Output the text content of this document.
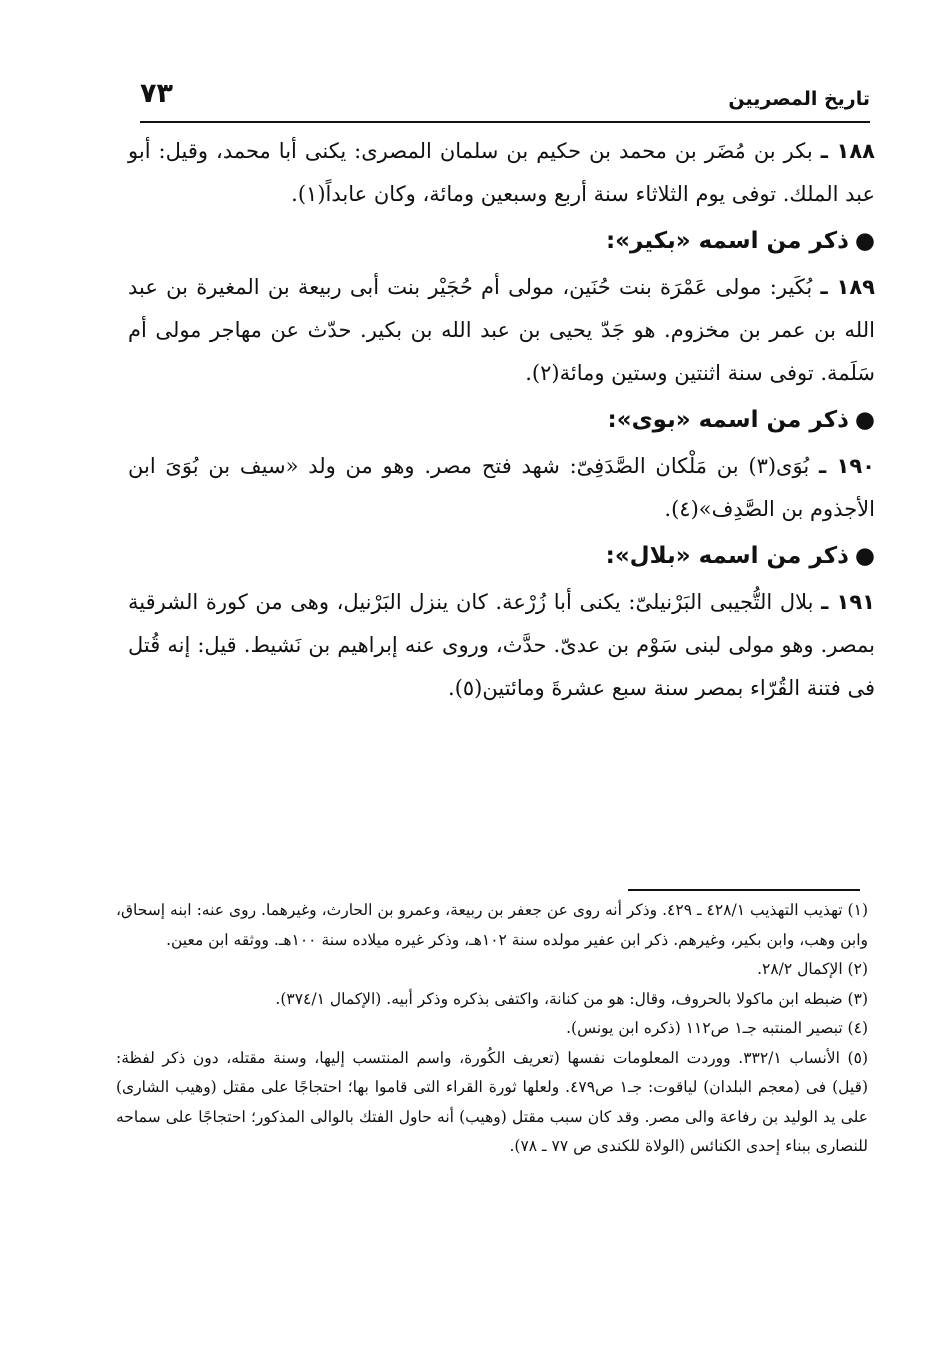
تاريخ المصريين
٧٣

١٨٨ ـ بكر بن مُضَر بن محمد بن حكيم بن سلمان المصرى: يكنى أبا محمد، وقيل: أبو عبد الملك. توفى يوم الثلاثاء سنة أربع وسبعين ومائة، وكان عابداً(١).

●ذكر من اسمه «بكير»:

١٨٩ ـ بُكَير: مولى عَمْرَة بنت حُنَين، مولى أم حُجَيْر بنت أبى ربيعة بن المغيرة بن عبد الله بن عمر بن مخزوم. هو جَدّ يحيى بن عبد الله بن بكير. حدّث عن مهاجر مولى أم سَلَمة. توفى سنة اثنتين وستين ومائة(٢).

●ذكر من اسمه «بوى»:

١٩٠ ـ بُوَى(٣) بن مَلْكان الصَّدَفِىّ: شهد فتح مصر. وهو من ولد «سيف بن بُوَىَ ابن الأجذوم بن الصَّدِف»(٤).

●ذكر من اسمه «بلال»:

١٩١ ـ بلال التُّجيبى البَرْنيلىّ: يكنى أبا زُرْعة. كان ينزل البَرْنيل، وهى من كورة الشرقية بمصر. وهو مولى لبنى سَوْم بن عدىّ. حدَّث، وروى عنه إبراهيم بن نَشيط. قيل: إنه قُتل فى فتنة القُرّاء بمصر سنة سبع عشرةَ ومائتين(٥).

(١) تهذيب التهذيب ٤٢٨/١ ـ ٤٢٩. وذكر أنه روى عن جعفر بن ربيعة، وعمرو بن الحارث، وغيرهما. روى عنه: ابنه إسحاق، وابن وهب، وابن بكير، وغيرهم. ذكر ابن عفير مولده سنة ١٠٢هـ، وذكر غيره ميلاده سنة ١٠٠هـ. ووثقه ابن معين.

(٢) الإكمال ٢٨/٢.

(٣) ضبطه ابن ماكولا بالحروف، وقال: هو من كنانة، واكتفى بذكره وذكر أبيه. (الإكمال ٣٧٤/١).

(٤) تبصير المنتبه جـ١ ص١١٢ (ذكره ابن يونس).

(٥) الأنساب ٣٣٢/١. ووردت المعلومات نفسها (تعريف الكُورة، واسم المنتسب إليها، وسنة مقتله، دون ذكر لفظة: (قيل) فى (معجم البلدان) لياقوت: جـ١ ص٤٧٩. ولعلها ثورة القراء التى قاموا بها؛ احتجاجًا على مقتل (وهيب الشارى) على يد الوليد بن رفاعة والى مصر. وقد كان سبب مقتل (وهيب) أنه حاول الفتك بالوالى المذكور؛ احتجاجًا على سماحه للنصارى ببناء إحدى الكنائس (الولاة للكندى ص ٧٧ ـ ٧٨).
